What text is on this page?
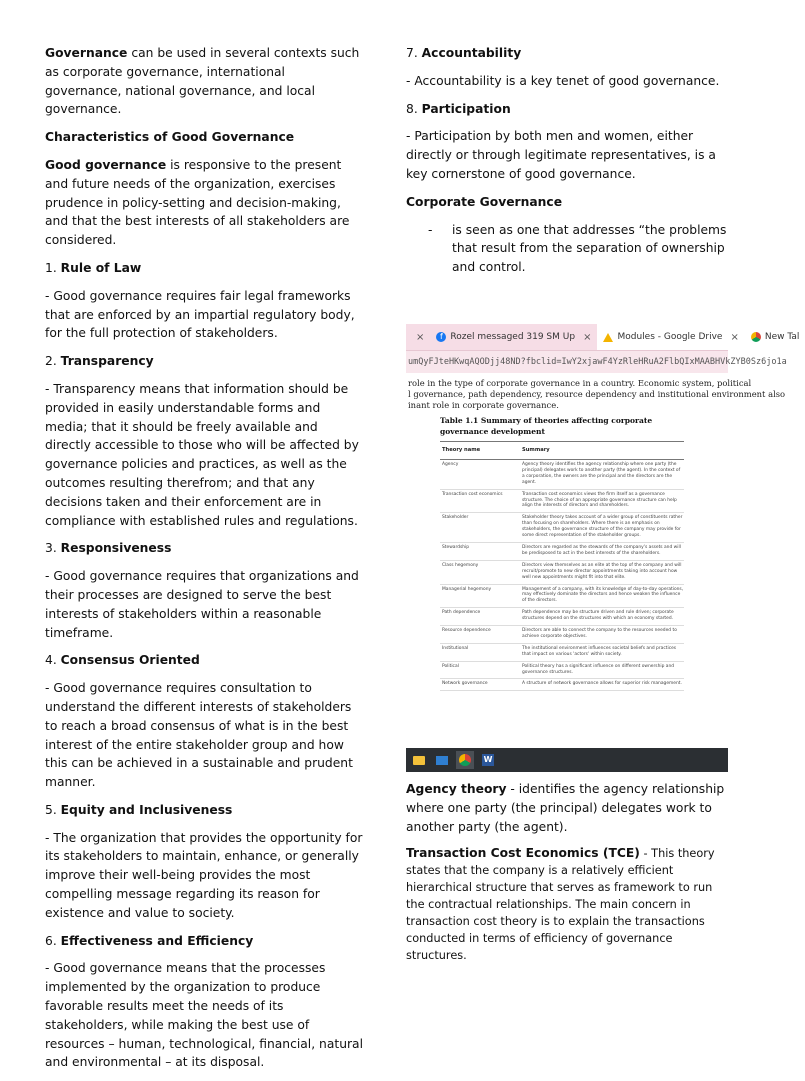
Governance can be used in several contexts such as corporate governance, international governance, national governance, and local governance.

Characteristics of Good Governance

Good governance is responsive to the present and future needs of the organization, exercises prudence in policy-setting and decision-making, and that the best interests of all stakeholders are considered.

1. Rule of Law

- Good governance requires fair legal frameworks that are enforced by an impartial regulatory body, for the full protection of stakeholders.

2. Transparency

- Transparency means that information should be provided in easily understandable forms and media; that it should be freely available and directly accessible to those who will be affected by governance policies and practices, as well as the outcomes resulting therefrom; and that any decisions taken and their enforcement are in compliance with established rules and regulations.

3. Responsiveness

- Good governance requires that organizations and their processes are designed to serve the best interests of stakeholders within a reasonable timeframe.

4. Consensus Oriented

- Good governance requires consultation to understand the different interests of stakeholders to reach a broad consensus of what is in the best interest of the entire stakeholder group and how this can be achieved in a sustainable and prudent manner.

5. Equity and Inclusiveness

- The organization that provides the opportunity for its stakeholders to maintain, enhance, or generally improve their well-being provides the most compelling message regarding its reason for existence and value to society.

6. Effectiveness and Efficiency

- Good governance means that the processes implemented by the organization to produce favorable results meet the needs of its stakeholders, while making the best use of resources – human, technological, financial, natural and environmental – at its disposal.

7. Accountability

- Accountability is a key tenet of good governance.

8. Participation

- Participation by both men and women, either directly or through legitimate representatives, is a key cornerstone of good governance.

Corporate Governance

-	is seen as one that addresses “the problems that result from the separation of ownership and control.
×	f Rozel messaged 319 SM Up ×	Modules - Google Drive ×	New Tal
umQyFJteHKwqAQODjj48ND?fbclid=IwY2xjawF4YzRleHRuA2FlbQIxMAABHVkZYB0Sz6jo1a
role in the type of corporate governance in a country. Economic system, political
l governance, path dependency, resource dependency and institutional environment also
inant role in corporate governance.
Table 1.1 Summary of theories affecting corporate governance development
Theory name	Summary
Agency	Agency theory identifies the agency relationship where one party (the principal) delegates work to another party (the agent). In the context of a corporation, the owners are the principal and the directors are the agent.
Transaction cost economics	Transaction cost economics views the firm itself as a governance structure. The choice of an appropriate governance structure can help align the interests of directors and shareholders.
Stakeholder	Stakeholder theory takes account of a wider group of constituents rather than focusing on shareholders. Where there is an emphasis on stakeholders, the governance structure of the company may provide for some direct representation of the stakeholder groups.
Stewardship	Directors are regarded as the stewards of the company's assets and will be predisposed to act in the best interests of the shareholders.
Class hegemony	Directors view themselves as an elite at the top of the company and will recruit/promote to new director appointments taking into account how well new appointments might fit into that elite.
Managerial hegemony	Management of a company, with its knowledge of day-to-day operations, may effectively dominate the directors and hence weaken the influence of the directors.
Path dependence	Path dependence may be structure driven and rule driven; corporate structures depend on the structures with which an economy started.
Resource dependence	Directors are able to connect the company to the resources needed to achieve corporate objectives.
Institutional	The institutional environment influences societal beliefs and practices that impact on various 'actors' within society.
Political	Political theory has a significant influence on different ownership and governance structures.
Network governance	A structure of network governance allows for superior risk management.
W

Agency theory - identifies the agency relationship where one party (the principal) delegates work to another party (the agent).

Transaction Cost Economics (TCE) - This theory states that the company is a relatively efficient hierarchical structure that serves as framework to run the contractual relationships. The main concern in transaction cost theory is to explain the transactions conducted in terms of efficiency of governance structures.
